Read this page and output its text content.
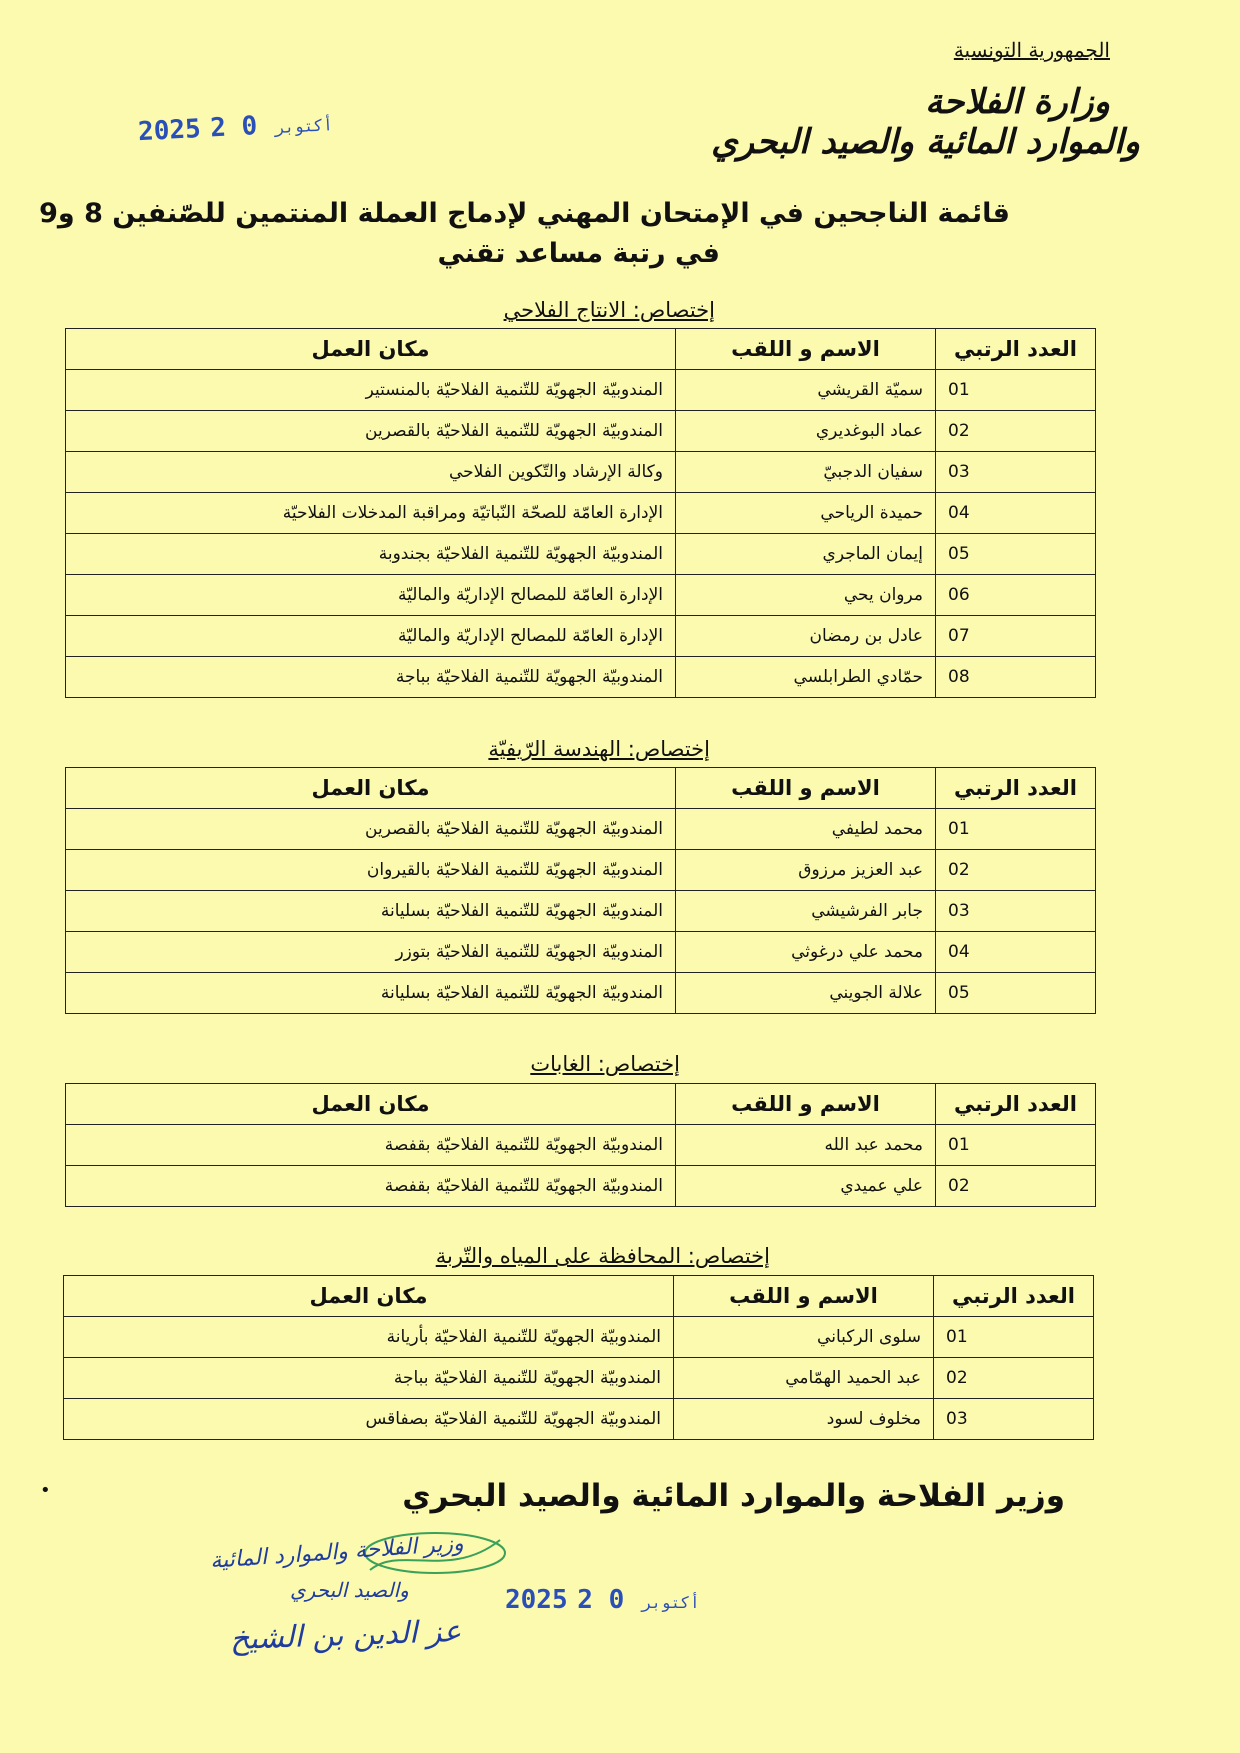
الجمهورية التونسية
وزارة الفلاحة
والموارد المائية والصيد البحري
2025	أكتوبر 0 2
قائمة الناجحين في الإمتحان المهني لإدماج العملة المنتمين للصّنفين 8 و9
في رتبة مساعد تقني
إختصاص: الانتاج الفلاحي
العدد الرتبي	الاسم و اللقب	مكان العمل
01	سميّة القريشي	المندوبيّة الجهويّة للتّنمية الفلاحيّة بالمنستير
02	عماد البوغديري	المندوبيّة الجهويّة للتّنمية الفلاحيّة بالقصرين
03	سفيان الدجبيّ	وكالة الإرشاد والتّكوين الفلاحي
04	حميدة الرياحي	الإدارة العامّة للصحّة النّباتيّة ومراقبة المدخلات الفلاحيّة
05	إيمان الماجري	المندوبيّة الجهويّة للتّنمية الفلاحيّة بجندوبة
06	مروان يحي	الإدارة العامّة للمصالح الإداريّة والماليّة
07	عادل بن رمضان	الإدارة العامّة للمصالح الإداريّة والماليّة
08	حمّادي الطرابلسي	المندوبيّة الجهويّة للتّنمية الفلاحيّة بباجة
إختصاص: الهندسة الرّيفيّة
العدد الرتبي	الاسم و اللقب	مكان العمل
01	محمد لطيفي	المندوبيّة الجهويّة للتّنمية الفلاحيّة بالقصرين
02	عبد العزيز مرزوق	المندوبيّة الجهويّة للتّنمية الفلاحيّة بالقيروان
03	جابر الفرشيشي	المندوبيّة الجهويّة للتّنمية الفلاحيّة بسليانة
04	محمد علي درغوثي	المندوبيّة الجهويّة للتّنمية الفلاحيّة بتوزر
05	علالة الجويني	المندوبيّة الجهويّة للتّنمية الفلاحيّة بسليانة
إختصاص: الغابات
العدد الرتبي	الاسم و اللقب	مكان العمل
01	محمد عبد الله	المندوبيّة الجهويّة للتّنمية الفلاحيّة بقفصة
02	علي عميدي	المندوبيّة الجهويّة للتّنمية الفلاحيّة بقفصة
إختصاص: المحافظة على المياه والتّربة
العدد الرتبي	الاسم و اللقب	مكان العمل
01	سلوى الركباني	المندوبيّة الجهويّة للتّنمية الفلاحيّة بأريانة
02	عبد الحميد الهمّامي	المندوبيّة الجهويّة للتّنمية الفلاحيّة بباجة
03	مخلوف لسود	المندوبيّة الجهويّة للتّنمية الفلاحيّة بصفاقس
•	وزير الفلاحة والموارد المائية والصيد البحري
وزير الفلاحة والموارد المائية
والصيد البحري
عز الدين بن الشيخ
2025	أكتوبر 0 2
